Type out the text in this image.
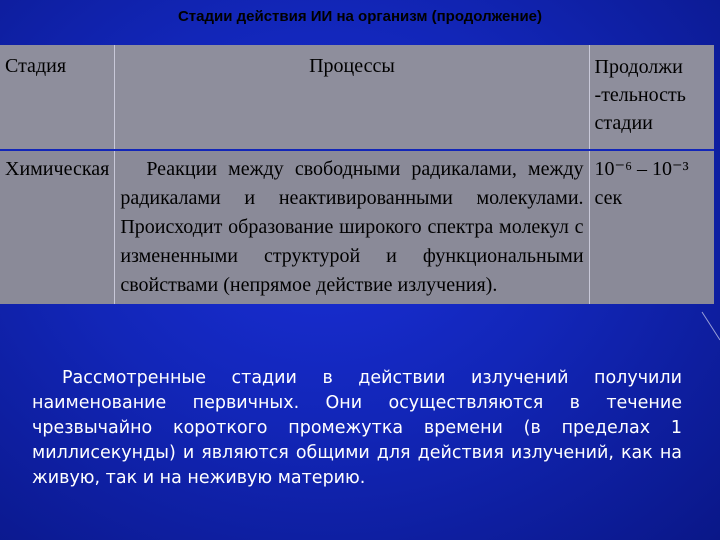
Стадии действия ИИ на организм (продолжение)
Стадия	Процессы	Продолжи -тельность стадии
Химическая	Реакции между свободными радикалами, между радикалами и неактивированными молекулами. Происходит образование широкого спектра молекул с измененными структурой и функциональными свойствами (непрямое действие излучения).	10⁻⁶ – 10⁻³ сек

Рассмотренные стадии в действии излучений получили наименование первичных. Они осуществляются в течение чрезвычайно короткого промежутка времени (в пределах 1 миллисекунды) и являются общими для действия излучений, как на живую, так и на неживую материю.
